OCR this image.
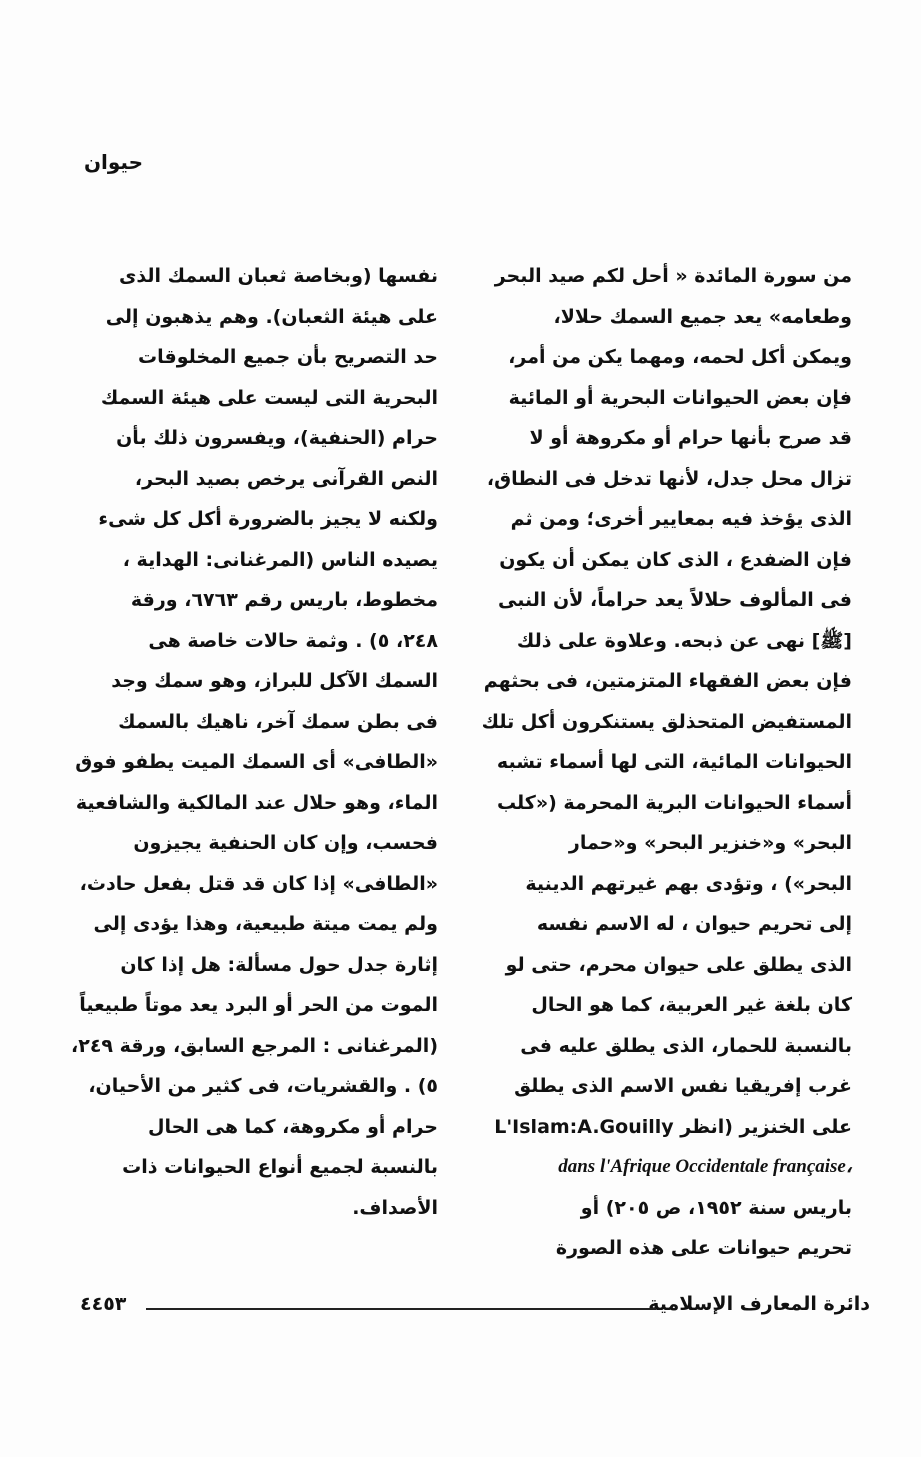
حيوان
من سورة المائدة « أحل لكم صيد البحر
وطعامه» يعد جميع السمك حلالا،
ويمكن أكل لحمه، ومهما يكن من أمر،
فإن بعض الحيوانات البحرية أو المائية
قد صرح بأنها حرام أو مكروهة أو لا
تزال محل جدل، لأنها تدخل فى النطاق،
الذى يؤخذ فيه بمعايير أخرى؛ ومن ثم
فإن الضفدع ، الذى كان يمكن أن يكون
فى المألوف حلالاً يعد حراماً، لأن النبى
[ﷺ] نهى عن ذبحه. وعلاوة على ذلك
فإن بعض الفقهاء المتزمتين، فى بحثهم
المستفيض المتحذلق يستنكرون أكل تلك
الحيوانات المائية، التى لها أسماء تشبه
أسماء الحيوانات البرية المحرمة («كلب
البحر» و«خنزير البحر» و«حمار
البحر») ، وتؤدى بهم غيرتهم الدينية
إلى تحريم حيوان ، له الاسم نفسه
الذى يطلق على حيوان محرم، حتى لو
كان بلغة غير العربية، كما هو الحال
بالنسبة للحمار، الذى يطلق عليه فى
غرب إفريقيا نفس الاسم الذى يطلق
على الخنزير (انظر L'Islam:A.Gouilly
dans l'Afrique Occidentale française،
باريس سنة ١٩٥٢، ص ٢٠٥) أو
تحريم حيوانات على هذه الصورة
نفسها (وبخاصة ثعبان السمك الذى
على هيئة الثعبان). وهم يذهبون إلى
حد التصريح بأن جميع المخلوقات
البحرية التى ليست على هيئة السمك
حرام (الحنفية)، ويفسرون ذلك بأن
النص القرآنى يرخص بصيد البحر،
ولكنه لا يجيز بالضرورة أكل كل شىء
يصيده الناس (المرغنانى: الهداية ،
مخطوط، باريس رقم ٦٧٦٣، ورقة
٢٤٨، ٥) . وثمة حالات خاصة هى
السمك الآكل للبراز، وهو سمك وجد
فى بطن سمك آخر، ناهيك بالسمك
«الطافى» أى السمك الميت يطفو فوق
الماء، وهو حلال عند المالكية والشافعية
فحسب، وإن كان الحنفية يجيزون
«الطافى» إذا كان قد قتل بفعل حادث،
ولم يمت ميتة طبيعية، وهذا يؤدى إلى
إثارة جدل حول مسألة: هل إذا كان
الموت من الحر أو البرد يعد موتاً طبيعياً
(المرغنانى : المرجع السابق، ورقة ٢٤٩،
٥) . والقشريات، فى كثير من الأحيان،
حرام أو مكروهة، كما هى الحال
بالنسبة لجميع أنواع الحيوانات ذات
الأصداف.
دائرة المعارف الإسلامية
٤٤٥٣
